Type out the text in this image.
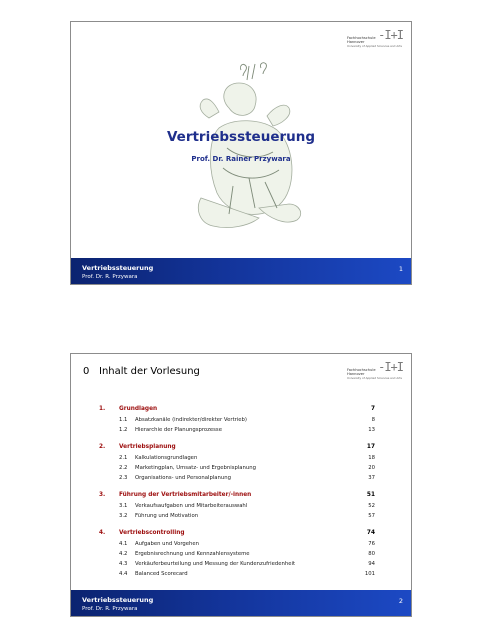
-I+I
Fachhochschule
Hannover
University of Applied Sciences and Arts
Vertriebssteuerung
Prof. Dr. Rainer Przywara
Vertriebssteuerung
Prof. Dr. R. Przywara
1
-I+I
Fachhochschule
Hannover
University of Applied Sciences and Arts
0 Inhalt der Vorlesung
1. Grundlagen	7
1.1 Absatzkanäle (indirekter/direkter Vertrieb)	8
1.2 Hierarchie der Planungsprozesse	13
2. Vertriebsplanung	17
2.1 Kalkulationsgrundlagen	18
2.2 Marketingplan, Umsatz- und Ergebnisplanung	20
2.3 Organisations- und Personalplanung	37
3. Führung der Vertriebsmitarbeiter/-innen	51
3.1 Verkaufsaufgaben und Mitarbeiterauswahl	52
3.2 Führung und Motivation	57
4. Vertriebscontrolling	74
4.1 Aufgaben und Vorgehen	76
4.2 Ergebnisrechnung und Kennzahlensysteme	80
4.3 Verkäuferbeurteilung und Messung der Kundenzufriedenheit	94
4.4 Balanced Scorecard	101
Vertriebssteuerung
Prof. Dr. R. Przywara
2
